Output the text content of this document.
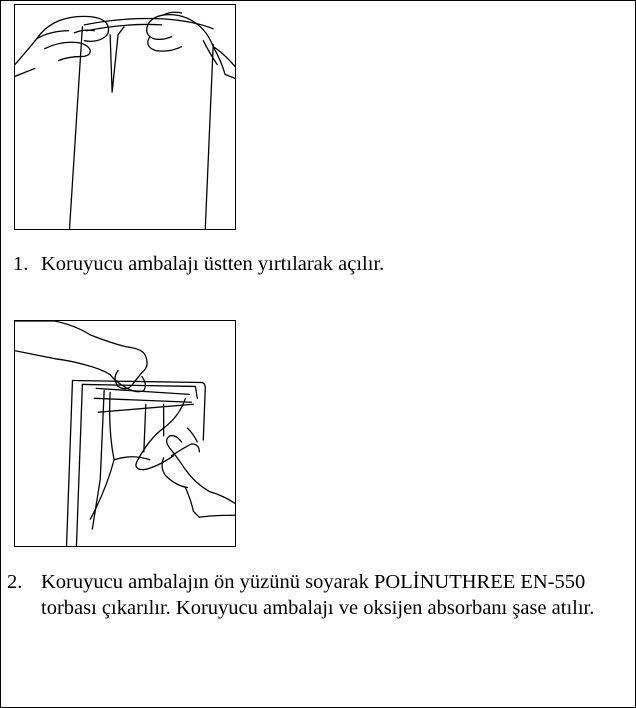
1. Koruyucu ambalajı üstten yırtılarak açılır.
2. Koruyucu ambalajın ön yüzünü soyarak POLİNUTHREE EN-550 torbası çıkarılır. Koruyucu ambalajı ve oksijen absorbanı şase atılır.
